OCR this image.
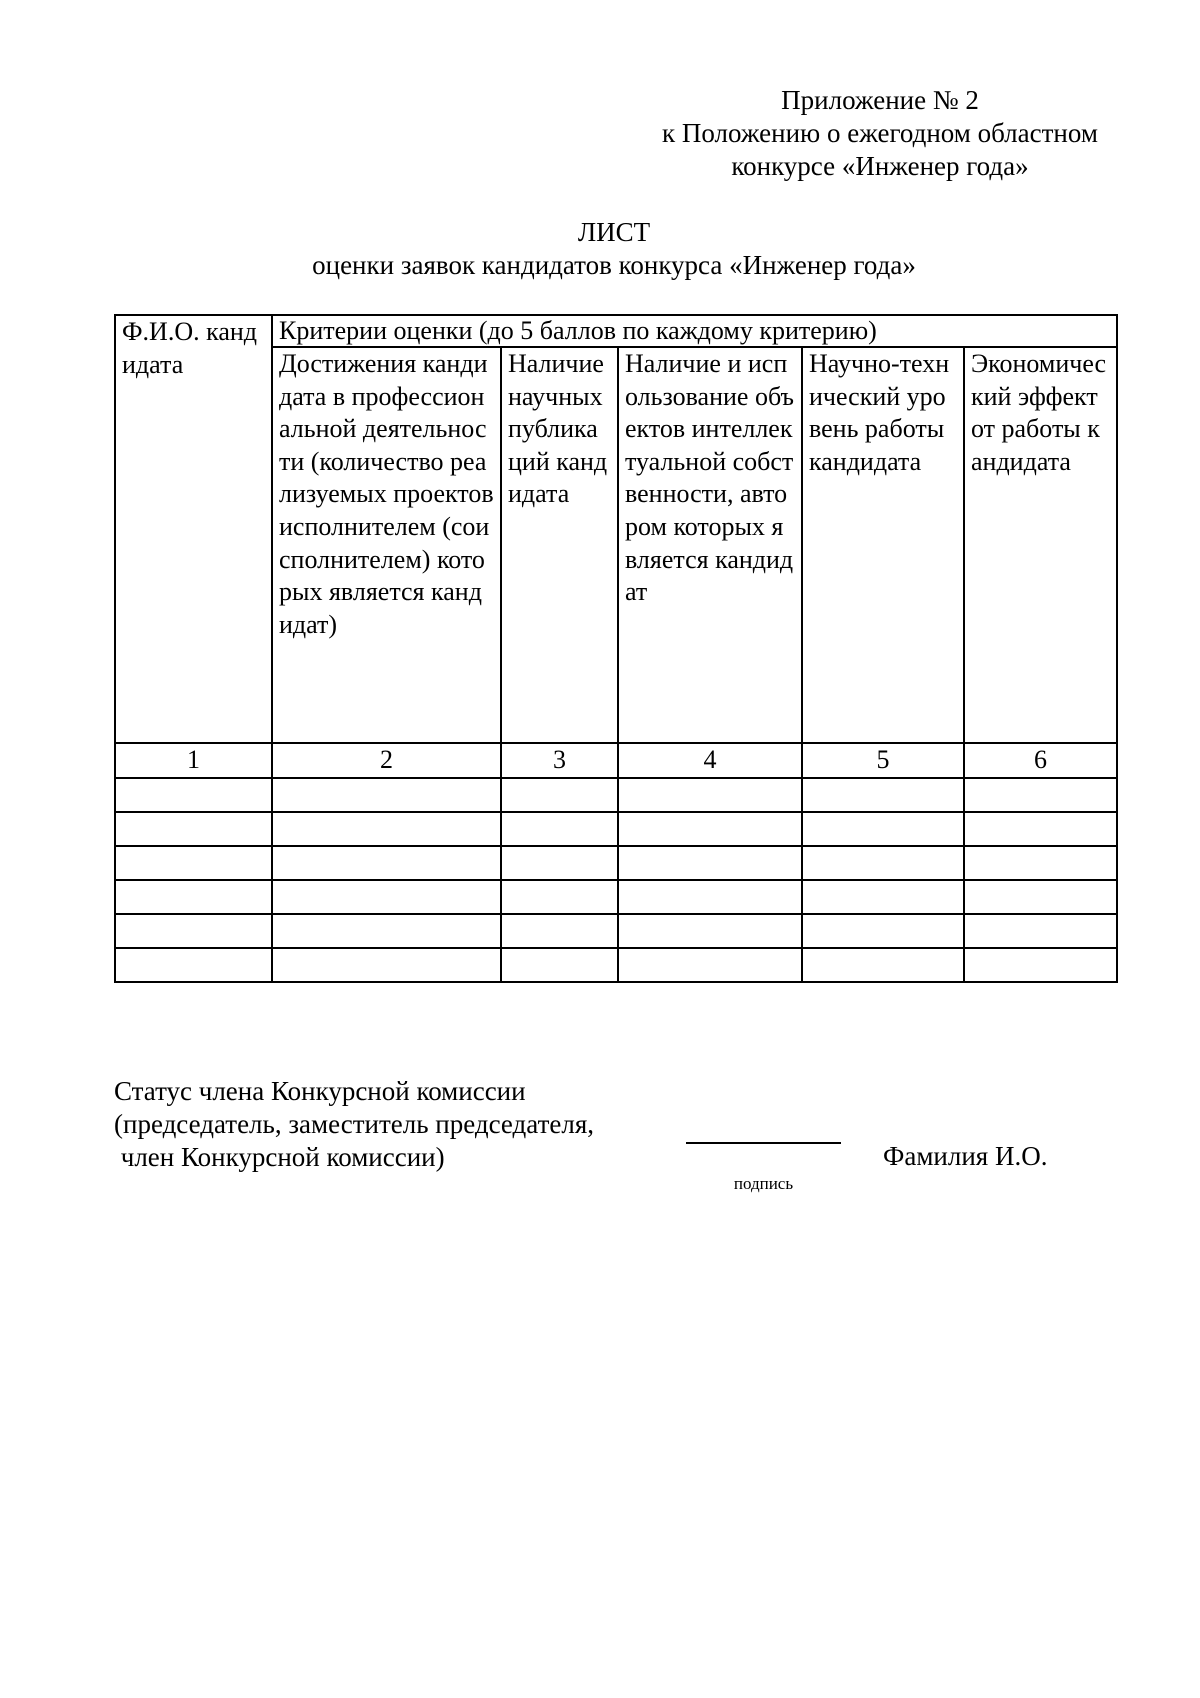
Приложение № 2
к Положению о ежегодном областном
конкурсе «Инженер года»
ЛИСТ
оценки заявок кандидатов конкурса «Инженер года»
Ф.И.О. кандидата	Критерии оценки (до 5 баллов по каждому критерию)				
	Достижения кандидата в профессиональной деятельности (количество реализуемых проектов исполнителем (соисполнителем) которых является кандидат)	Наличие научных публикаций кандидата	Наличие и использование объектов интеллектуальной собственности, автором которых является кандидат	Научно-технический уровень работы кандидата	Экономический эффект от работы кандидата
1	2	3	4	5	6

Статус члена Конкурсной комиссии
(председатель, заместитель председателя,
член Конкурсной комиссии)
подпись
Фамилия И.О.
